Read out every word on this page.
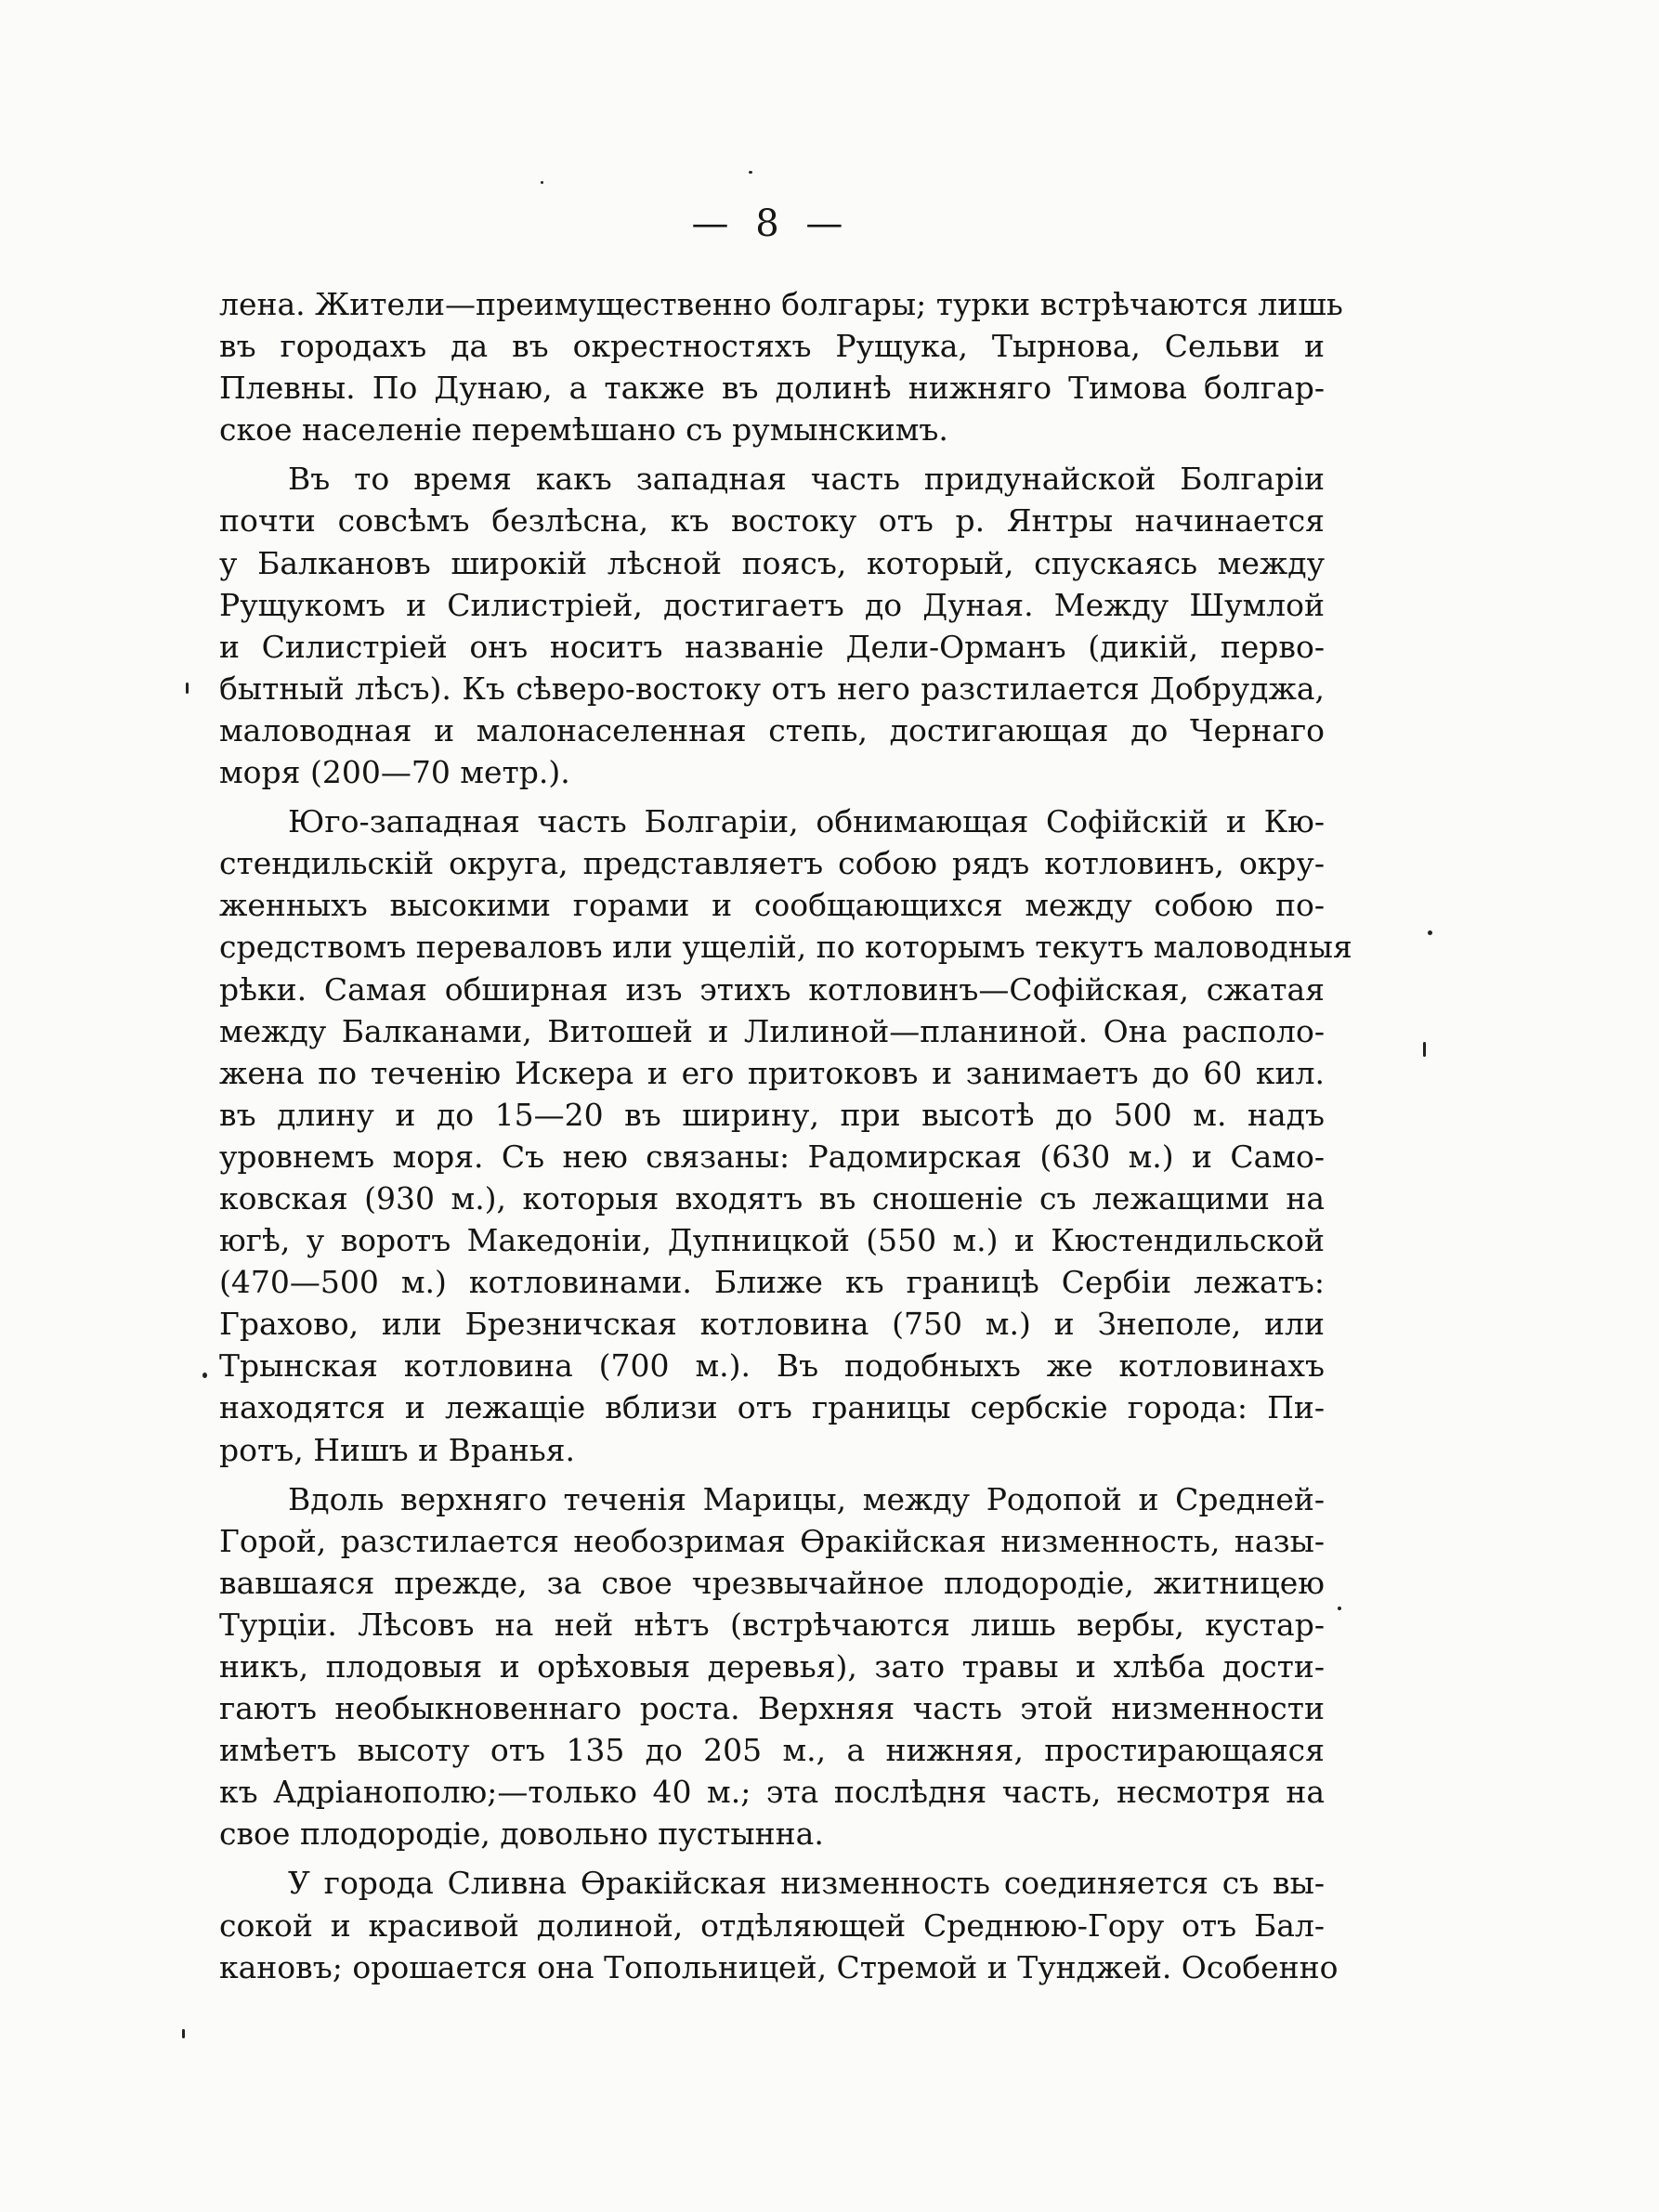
— 8 —

лена. Жители—преимущественно болгары; турки встрѣчаются лишь
въ городахъ да въ окрестностяхъ Рущука, Тырнова, Сельви и
Плевны. По Дунаю, а также въ долинѣ нижняго Тимова болгар-
ское населеніе перемѣшано съ румынскимъ.

Въ то время какъ западная часть придунайской Болгаріи
почти совсѣмъ безлѣсна, къ востоку отъ р. Янтры начинается
у Балкановъ широкій лѣсной поясъ, который, спускаясь между
Рущукомъ и Силистріей, достигаетъ до Дуная. Между Шумлой
и Силистріей онъ носитъ названіе Дели-Орманъ (дикій, перво-
бытный лѣсъ). Къ сѣверо-востоку отъ него разстилается Добруджа,
маловодная и малонаселенная степь, достигающая до Чернаго
моря (200—70 метр.).

Юго-западная часть Болгаріи, обнимающая Софійскій и Кю-
стендильскій округа, представляетъ собою рядъ котловинъ, окру-
женныхъ высокими горами и сообщающихся между собою по-
средствомъ переваловъ или ущелій, по которымъ текутъ маловодныя
рѣки. Самая обширная изъ этихъ котловинъ—Софійская, сжатая
между Балканами, Витошей и Лилиной—планиной. Она располо-
жена по теченію Искера и его притоковъ и занимаетъ до 60 кил.
въ длину и до 15—20 въ ширину, при высотѣ до 500 м. надъ
уровнемъ моря. Съ нею связаны: Радомирская (630 м.) и Само-
ковская (930 м.), которыя входятъ въ сношеніе съ лежащими на
югѣ, у воротъ Македоніи, Дупницкой (550 м.) и Кюстендильской
(470—500 м.) котловинами. Ближе къ границѣ Сербіи лежатъ:
Грахово, или Брезничская котловина (750 м.) и Знеполе, или
Трынская котловина (700 м.). Въ подобныхъ же котловинахъ
находятся и лежащіе вблизи отъ границы сербскіе города: Пи-
ротъ, Нишъ и Вранья.

Вдоль верхняго теченія Марицы, между Родопой и Средней-
Горой, разстилается необозримая Ѳракійская низменность, назы-
вавшаяся прежде, за свое чрезвычайное плодородіе, житницею
Турціи. Лѣсовъ на ней нѣтъ (встрѣчаются лишь вербы, кустар-
никъ, плодовыя и орѣховыя деревья), зато травы и хлѣба дости-
гаютъ необыкновеннаго роста. Верхняя часть этой низменности
имѣетъ высоту отъ 135 до 205 м., а нижняя, простирающаяся
къ Адріанополю;—только 40 м.; эта послѣдня часть, несмотря на
свое плодородіе, довольно пустынна.

У города Сливна Ѳракійская низменность соединяется съ вы-
сокой и красивой долиной, отдѣляющей Среднюю-Гору отъ Бал-
кановъ; орошается она Топольницей, Стремой и Тунджей. Особенно
